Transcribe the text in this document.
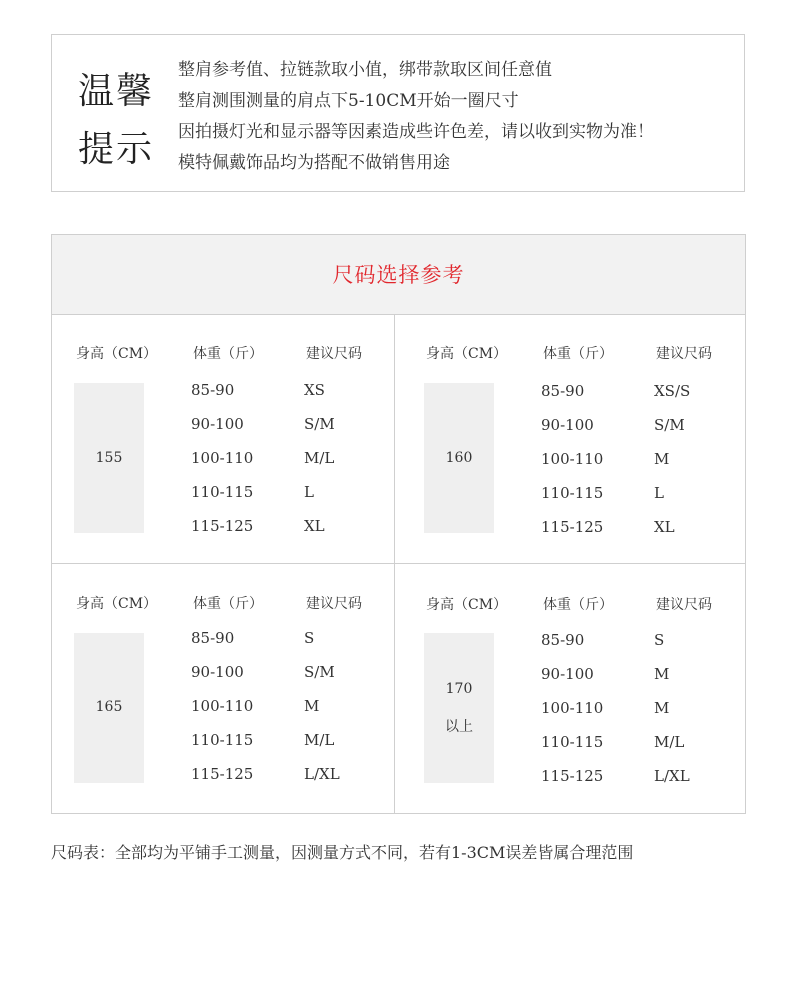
温馨
提示
整肩参考值、拉链款取小值，绑带款取区间任意值
整肩测围测量的肩点下5-10CM开始一圈尺寸
因拍摄灯光和显示器等因素造成些许色差，请以收到实物为准！
模特佩戴饰品均为搭配不做销售用途
尺码选择参考
身高（CM）	体重（斤）	建议尺码
155
85-90	XS
90-100	S/M
100-110	M/L
110-115	L
115-125	XL
身高（CM）	体重（斤）	建议尺码
160
85-90	XS/S
90-100	S/M
100-110	M
110-115	L
115-125	XL
身高（CM）	体重（斤）	建议尺码
165
85-90	S
90-100	S/M
100-110	M
110-115	M/L
115-125	L/XL
身高（CM）	体重（斤）	建议尺码
170
以上
85-90	S
90-100	M
100-110	M
110-115	M/L
115-125	L/XL
尺码表：全部均为平铺手工测量，因测量方式不同，若有1-3CM误差皆属合理范围
